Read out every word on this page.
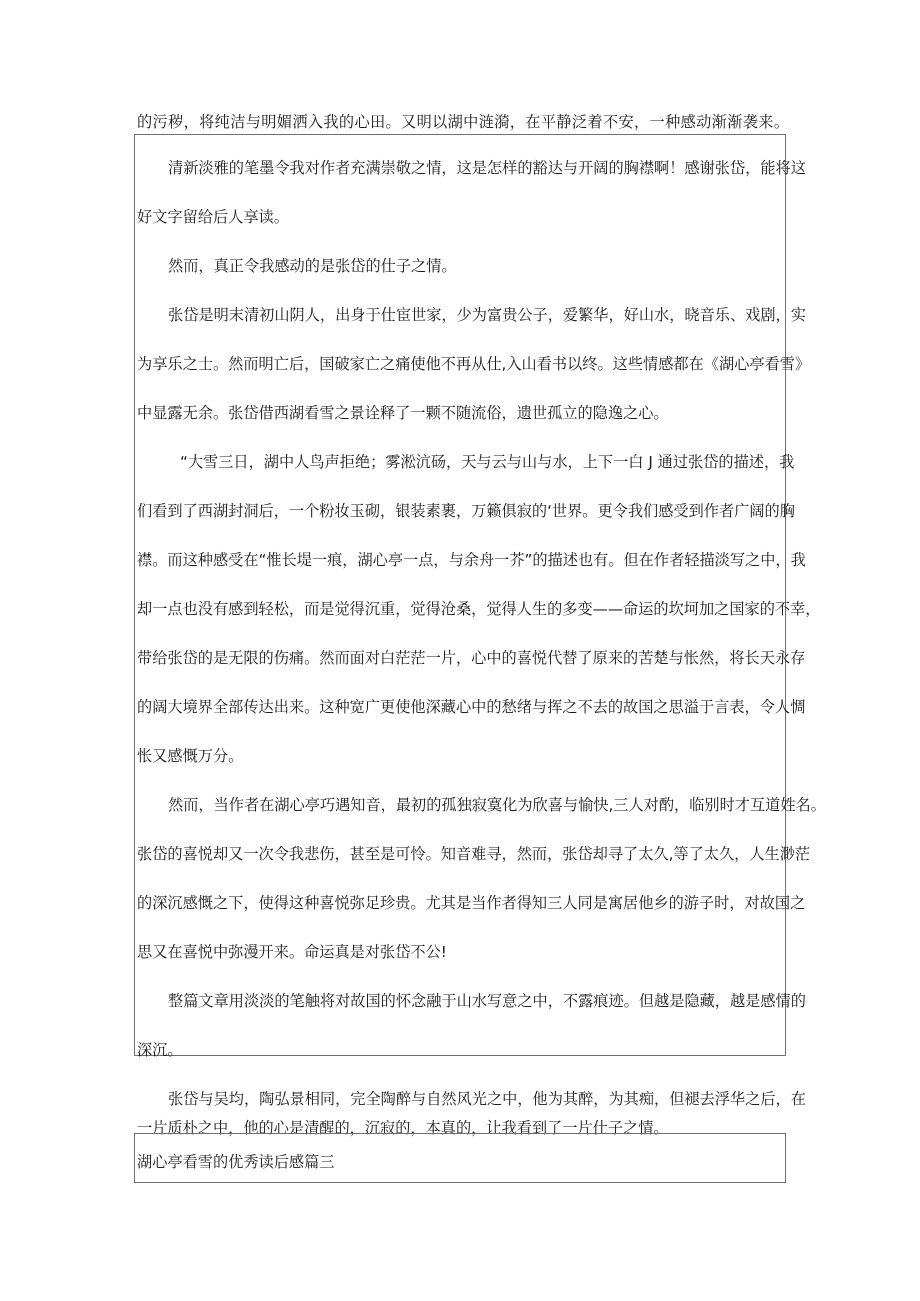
的污秽，将纯洁与明媚洒入我的心田。又明以湖中涟漪，在平静泛着不安，一种感动渐渐袭来。
清新淡雅的笔墨令我对作者充满崇敬之情，这是怎样的豁达与开阔的胸襟啊！感谢张岱，能将这
好文字留给后人享读。
然而，真正令我感动的是张岱的仕子之情。
张岱是明末清初山阴人，出身于仕宦世家，少为富贵公子，爱繁华，好山水，晓音乐、戏剧，实
为享乐之士。然而明亡后，国破家亡之痛使他不再从仕,入山看书以终。这些情感都在《湖心亭看雪》
中显露无余。张岱借西湖看雪之景诠释了一颗不随流俗，遗世孤立的隐逸之心。
“大雪三日，湖中人鸟声拒绝；雾淞沆砀，天与云与山与水，上下一白 J 通过张岱的描述，我
们看到了西湖封洞后，一个粉妆玉砌，银装素裹，万籁俱寂的‘世界。更令我们感受到作者广阔的胸
襟。而这种感受在“惟长堤一痕，湖心亭一点，与余舟一芥”的描述也有。但在作者轻描淡写之中，我
却一点也没有感到轻松，而是觉得沉重，觉得沧桑，觉得人生的多变——命运的坎坷加之国家的不幸，
带给张岱的是无限的伤痛。然而面对白茫茫一片，心中的喜悦代替了原来的苦楚与怅然，将长天永存
的阔大境界全部传达出来。这种宽广更使他深藏心中的愁绪与挥之不去的故国之思溢于言表，令人惆
怅又感慨万分。
然而，当作者在湖心亭巧遇知音，最初的孤独寂寞化为欣喜与愉快,三人对酌，临别时才互道姓名。
张岱的喜悦却又一次令我悲伤，甚至是可怜。知音难寻，然而，张岱却寻了太久,等了太久，人生渺茫
的深沉感慨之下，使得这种喜悦弥足珍贵。尤其是当作者得知三人同是寓居他乡的游子时，对故国之
思又在喜悦中弥漫开来。命运真是对张岱不公!
整篇文章用淡淡的笔触将对故国的怀念融于山水写意之中，不露痕迹。但越是隐藏，越是感情的
深沉。
张岱与吴均，陶弘景相同，完全陶醉与自然风光之中，他为其醉，为其痴，但褪去浮华之后，在
一片质朴之中，他的心是清醒的，沉寂的，本真的，让我看到了一片仕子之情。
湖心亭看雪的优秀读后感篇三
